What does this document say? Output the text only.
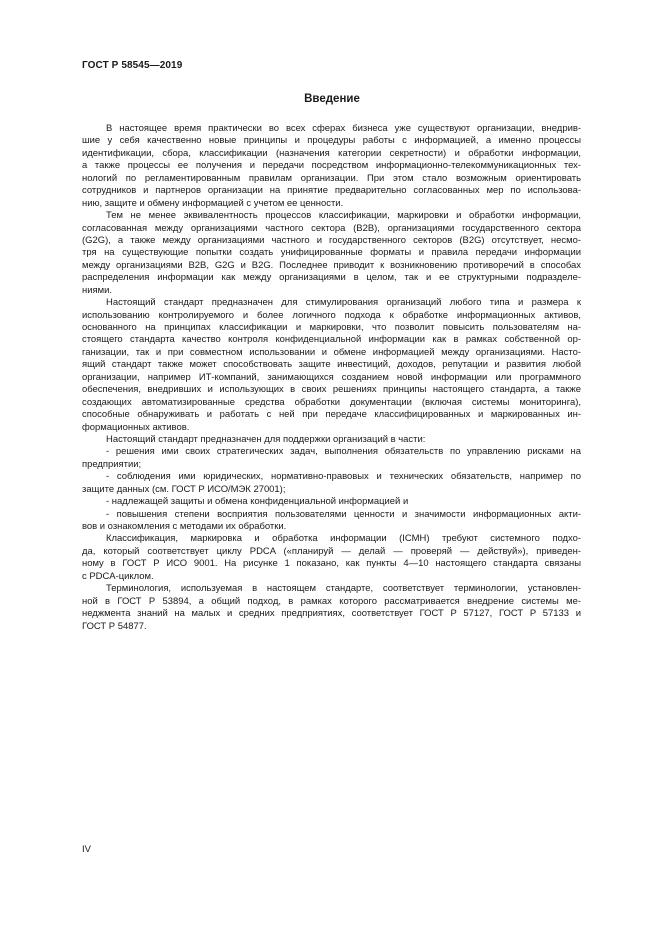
ГОСТ Р 58545—2019
Введение
В настоящее время практически во всех сферах бизнеса уже существуют организации, внедрив-
шие у себя качественно новые принципы и процедуры работы с информацией, а именно процессы
идентификации, сбора, классификации (назначения категории секретности) и обработки информации,
а также процессы ее получения и передачи посредством информационно-телекоммуникационных тех-
нологий по регламентированным правилам организации. При этом стало возможным ориентировать
сотрудников и партнеров организации на принятие предварительно согласованных мер по использова-
нию, защите и обмену информацией с учетом ее ценности.
Тем не менее эквивалентность процессов классификации, маркировки и обработки информации,
согласованная между организациями частного сектора (B2B), организациями государственного сектора
(G2G), а также между организациями частного и государственного секторов (B2G) отсутствует, несмо-
тря на существующие попытки создать унифицированные форматы и правила передачи информации
между организациями B2B, G2G и B2G. Последнее приводит к возникновению противоречий в способах
распределения информации как между организациями в целом, так и ее структурными подразделе-
ниями.
Настоящий стандарт предназначен для стимулирования организаций любого типа и размера к
использованию контролируемого и более логичного подхода к обработке информационных активов,
основанного на принципах классификации и маркировки, что позволит повысить пользователям на-
стоящего стандарта качество контроля конфиденциальной информации как в рамках собственной ор-
ганизации, так и при совместном использовании и обмене информацией между организациями. Насто-
ящий стандарт также может способствовать защите инвестиций, доходов, репутации и развития любой
организации, например ИТ-компаний, занимающихся созданием новой информации или программного
обеспечения, внедривших и использующих в своих решениях принципы настоящего стандарта, а также
создающих автоматизированные средства обработки документации (включая системы мониторинга),
способные обнаруживать и работать с ней при передаче классифицированных и маркированных ин-
формационных активов.
Настоящий стандарт предназначен для поддержки организаций в части:
- решения ими своих стратегических задач, выполнения обязательств по управлению рисками на
предприятии;
- соблюдения ими юридических, нормативно-правовых и технических обязательств, например по
защите данных (см. ГОСТ Р ИСО/МЭК 27001);
- надлежащей защиты и обмена конфиденциальной информацией и
- повышения степени восприятия пользователями ценности и значимости информационных акти-
вов и ознакомления с методами их обработки.
Классификация, маркировка и обработка информации (ICMH) требуют системного подхо-
да, который соответствует циклу PDCA («планируй — делай — проверяй — действуй»), приведен-
ному в ГОСТ Р ИСО 9001. На рисунке 1 показано, как пункты 4—10 настоящего стандарта связаны
с PDCA-циклом.
Терминология, используемая в настоящем стандарте, соответствует терминологии, установлен-
ной в ГОСТ Р 53894, а общий подход, в рамках которого рассматривается внедрение системы ме-
неджмента знаний на малых и средних предприятиях, соответствует ГОСТ Р 57127, ГОСТ Р 57133 и
ГОСТ Р 54877.
IV
